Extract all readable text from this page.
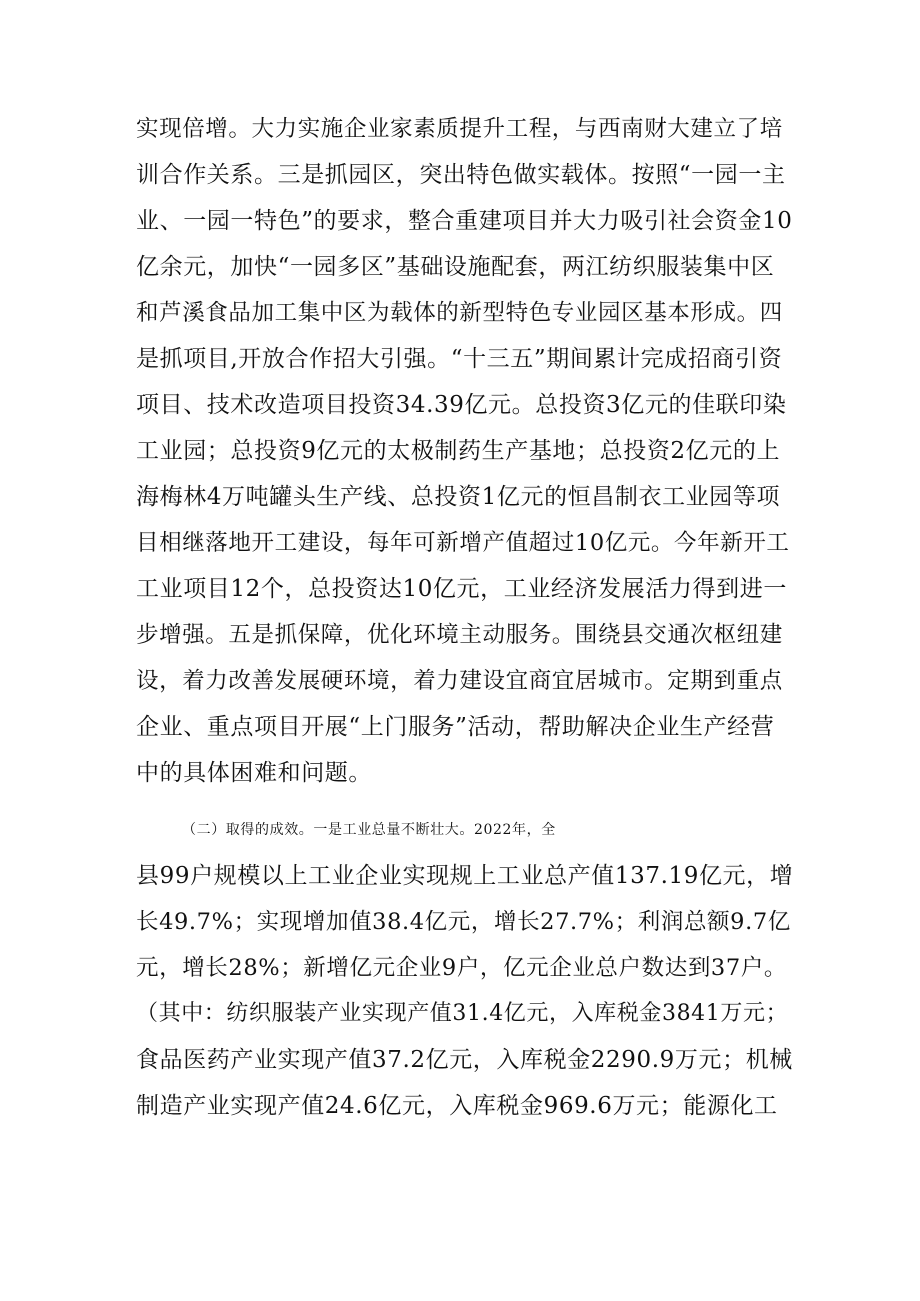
实现倍增。大力实施企业家素质提升工程，与西南财大建立了培
训合作关系。三是抓园区，突出特色做实载体。按照“一园一主
业、一园一特色”的要求，整合重建项目并大力吸引社会资金10
亿余元，加快“一园多区”基础设施配套，两江纺织服装集中区
和芦溪食品加工集中区为载体的新型特色专业园区基本形成。四
是抓项目,开放合作招大引强。“十三五”期间累计完成招商引资
项目、技术改造项目投资34.39亿元。总投资3亿元的佳联印染
工业园；总投资9亿元的太极制药生产基地；总投资2亿元的上
海梅林4万吨罐头生产线、总投资1亿元的恒昌制衣工业园等项
目相继落地开工建设，每年可新增产值超过10亿元。今年新开工
工业项目12个，总投资达10亿元，工业经济发展活力得到进一
步增强。五是抓保障，优化环境主动服务。围绕县交通次枢纽建
设，着力改善发展硬环境，着力建设宜商宜居城市。定期到重点
企业、重点项目开展“上门服务”活动，帮助解决企业生产经营
中的具体困难和问题。
（二）取得的成效。一是工业总量不断壮大。2022年，全
县99户规模以上工业企业实现规上工业总产值137.19亿元，增
长49.7%；实现增加值38.4亿元，增长27.7%；利润总额9.7亿
元，增长28%；新增亿元企业9户，亿元企业总户数达到37户。
（其中：纺织服装产业实现产值31.4亿元，入库税金3841万元；
食品医药产业实现产值37.2亿元，入库税金2290.9万元；机械
制造产业实现产值24.6亿元，入库税金969.6万元；能源化工
